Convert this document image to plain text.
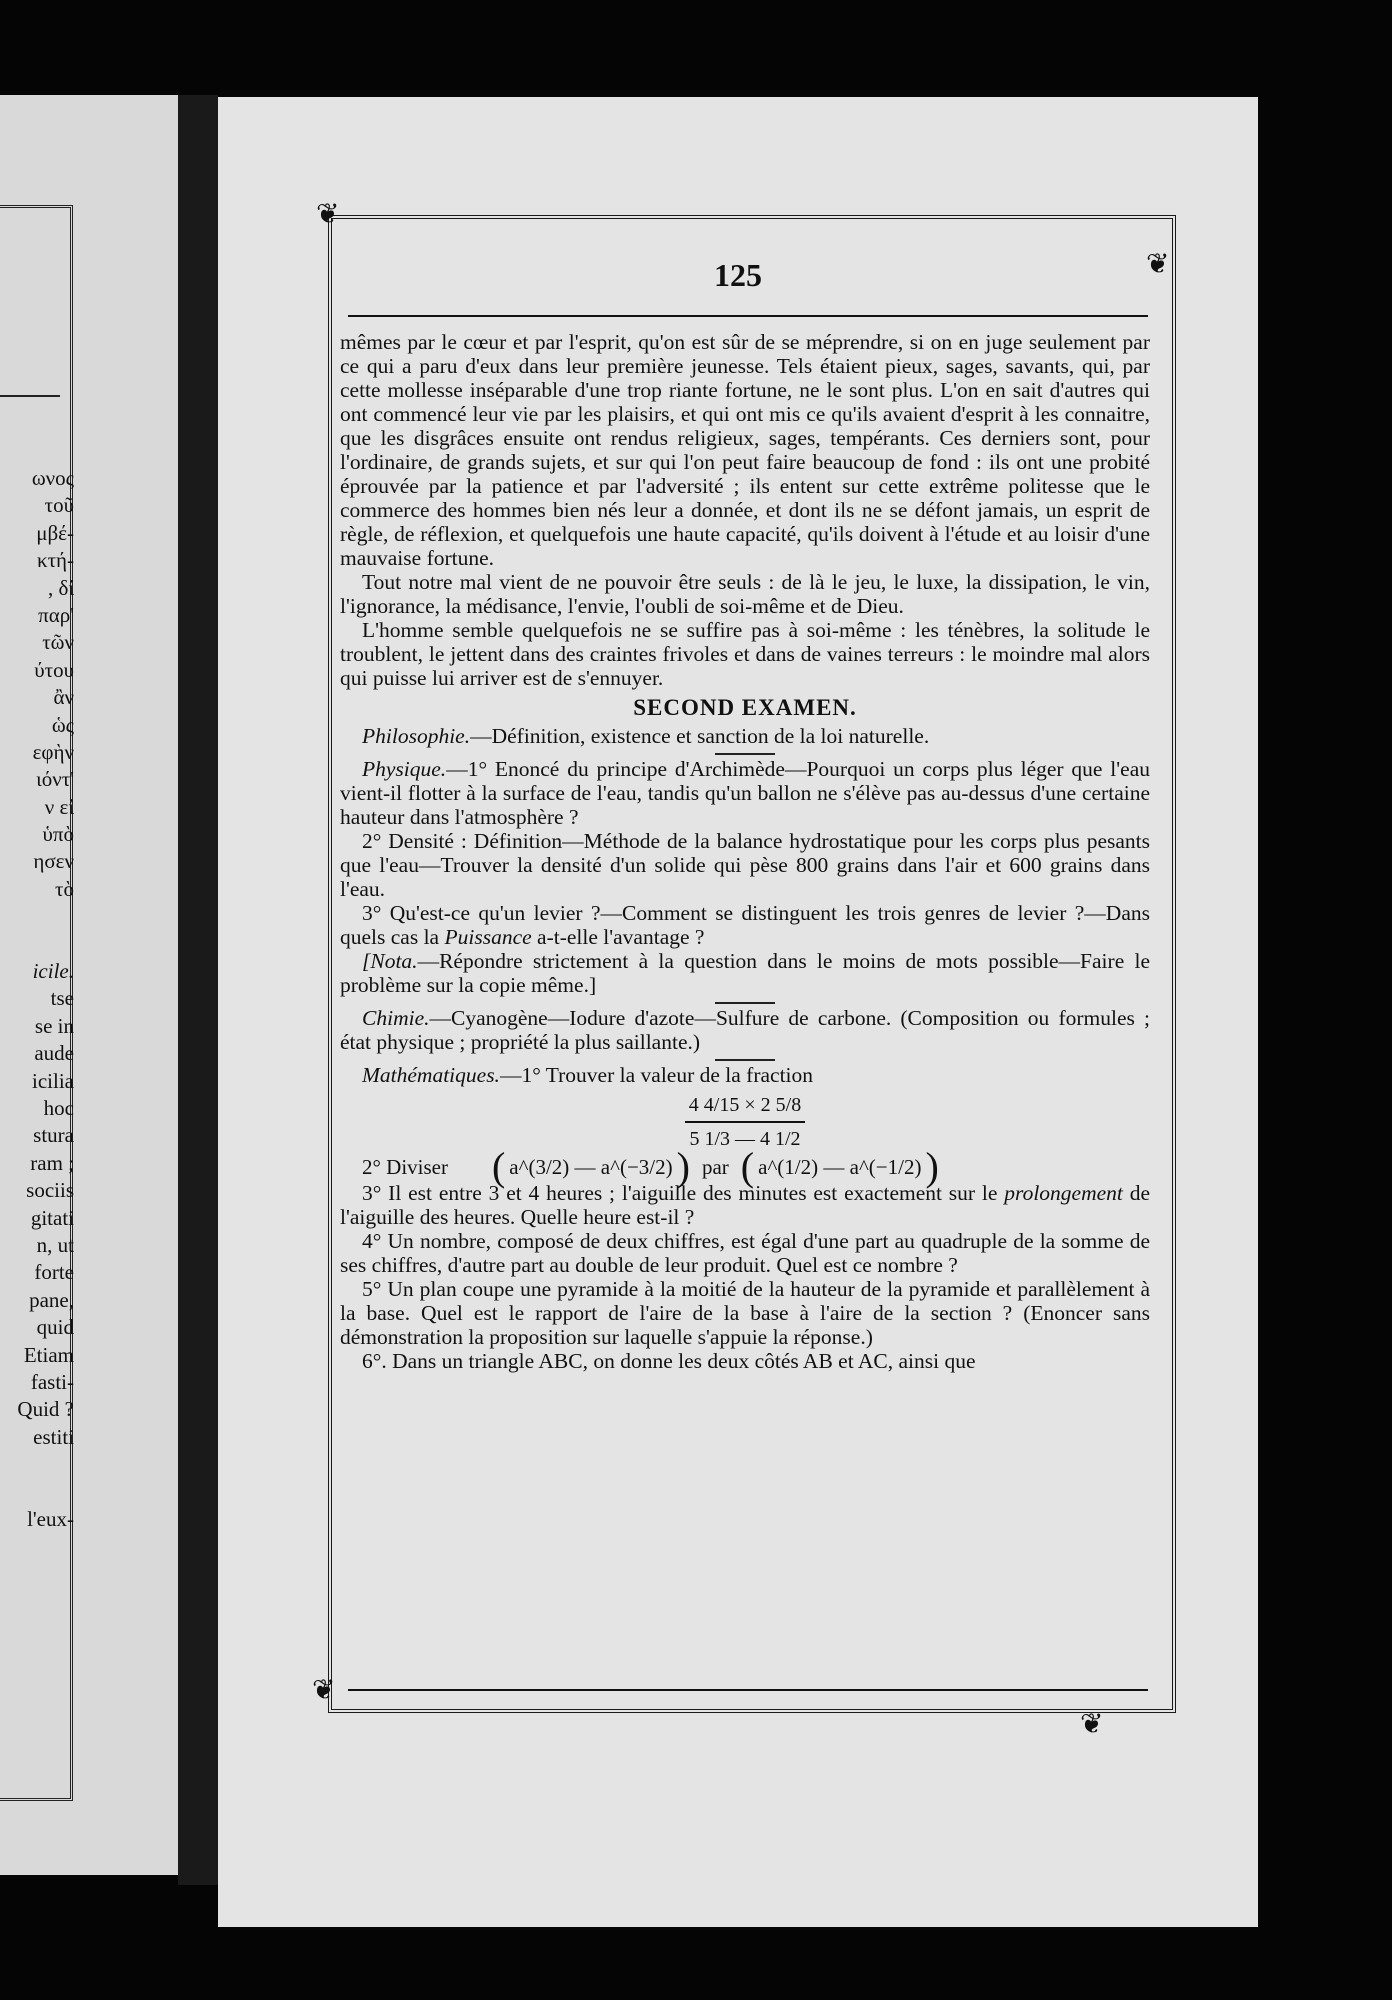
ωνος
τοῦ
μβέ-
κτή-
, δί
παρ'
τῶν
ύτου
ἂν
ὡς
εφὴν
ιόντ'
ν εἰ
ὑπὸ
ησεν
τὸ
icile.
tse
se in
aude
icilia
hoc
stura
ram ;
sociis
gitati
n, ut
forte
pane,
quid
Etiam
fasti-
Quid ?
estiti
l'eux-
❦
❦
❦
❦
125

mêmes par le cœur et par l'esprit, qu'on est sûr de se méprendre, si on en juge seulement par ce qui a paru d'eux dans leur première jeunesse. Tels étaient pieux, sages, savants, qui, par cette mollesse inséparable d'une trop riante fortune, ne le sont plus. L'on en sait d'autres qui ont commencé leur vie par les plaisirs, et qui ont mis ce qu'ils avaient d'esprit à les connaitre, que les disgrâces ensuite ont rendus religieux, sages, tempérants. Ces derniers sont, pour l'ordinaire, de grands sujets, et sur qui l'on peut faire beaucoup de fond : ils ont une probité éprouvée par la patience et par l'adversité ; ils entent sur cette extrême politesse que le commerce des hommes bien nés leur a donnée, et dont ils ne se défont jamais, un esprit de règle, de réflexion, et quelquefois une haute capacité, qu'ils doivent à l'étude et au loisir d'une mauvaise fortune.

Tout notre mal vient de ne pouvoir être seuls : de là le jeu, le luxe, la dissipation, le vin, l'ignorance, la médisance, l'envie, l'oubli de soi-même et de Dieu.

L'homme semble quelquefois ne se suffire pas à soi-même : les ténèbres, la solitude le troublent, le jettent dans des craintes frivoles et dans de vaines terreurs : le moindre mal alors qui puisse lui arriver est de s'ennuyer.

SECOND EXAMEN.

Philosophie.—Définition, existence et sanction de la loi naturelle.

Physique.—1° Enoncé du principe d'Archimède—Pourquoi un corps plus léger que l'eau vient-il flotter à la surface de l'eau, tandis qu'un ballon ne s'élève pas au-dessus d'une certaine hauteur dans l'atmosphère ?

2° Densité : Définition—Méthode de la balance hydrostatique pour les corps plus pesants que l'eau—Trouver la densité d'un solide qui pèse 800 grains dans l'air et 600 grains dans l'eau.

3° Qu'est-ce qu'un levier ?—Comment se distinguent les trois genres de levier ?—Dans quels cas la Puissance a-t-elle l'avantage ?

[Nota.—Répondre strictement à la question dans le moins de mots possible—Faire le problème sur la copie même.]

Chimie.—Cyanogène—Iodure d'azote—Sulfure de carbone. (Composition ou formules ; état physique ; propriété la plus saillante.)

Mathématiques.—1° Trouver la valeur de la fraction

4 4/15 × 2 5/8
5 1/3 — 4 1/2
2° Diviser ( a^(3/2) — a^(−3/2) ) par ( a^(1/2) — a^(−1/2) )

3° Il est entre 3 et 4 heures ; l'aiguille des minutes est exactement sur le prolongement de l'aiguille des heures. Quelle heure est-il ?

4° Un nombre, composé de deux chiffres, est égal d'une part au quadruple de la somme de ses chiffres, d'autre part au double de leur produit. Quel est ce nombre ?

5° Un plan coupe une pyramide à la moitié de la hauteur de la pyramide et parallèlement à la base. Quel est le rapport de l'aire de la base à l'aire de la section ? (Enoncer sans démonstration la proposition sur laquelle s'appuie la réponse.)

6°. Dans un triangle ABC, on donne les deux côtés AB et AC, ainsi que
